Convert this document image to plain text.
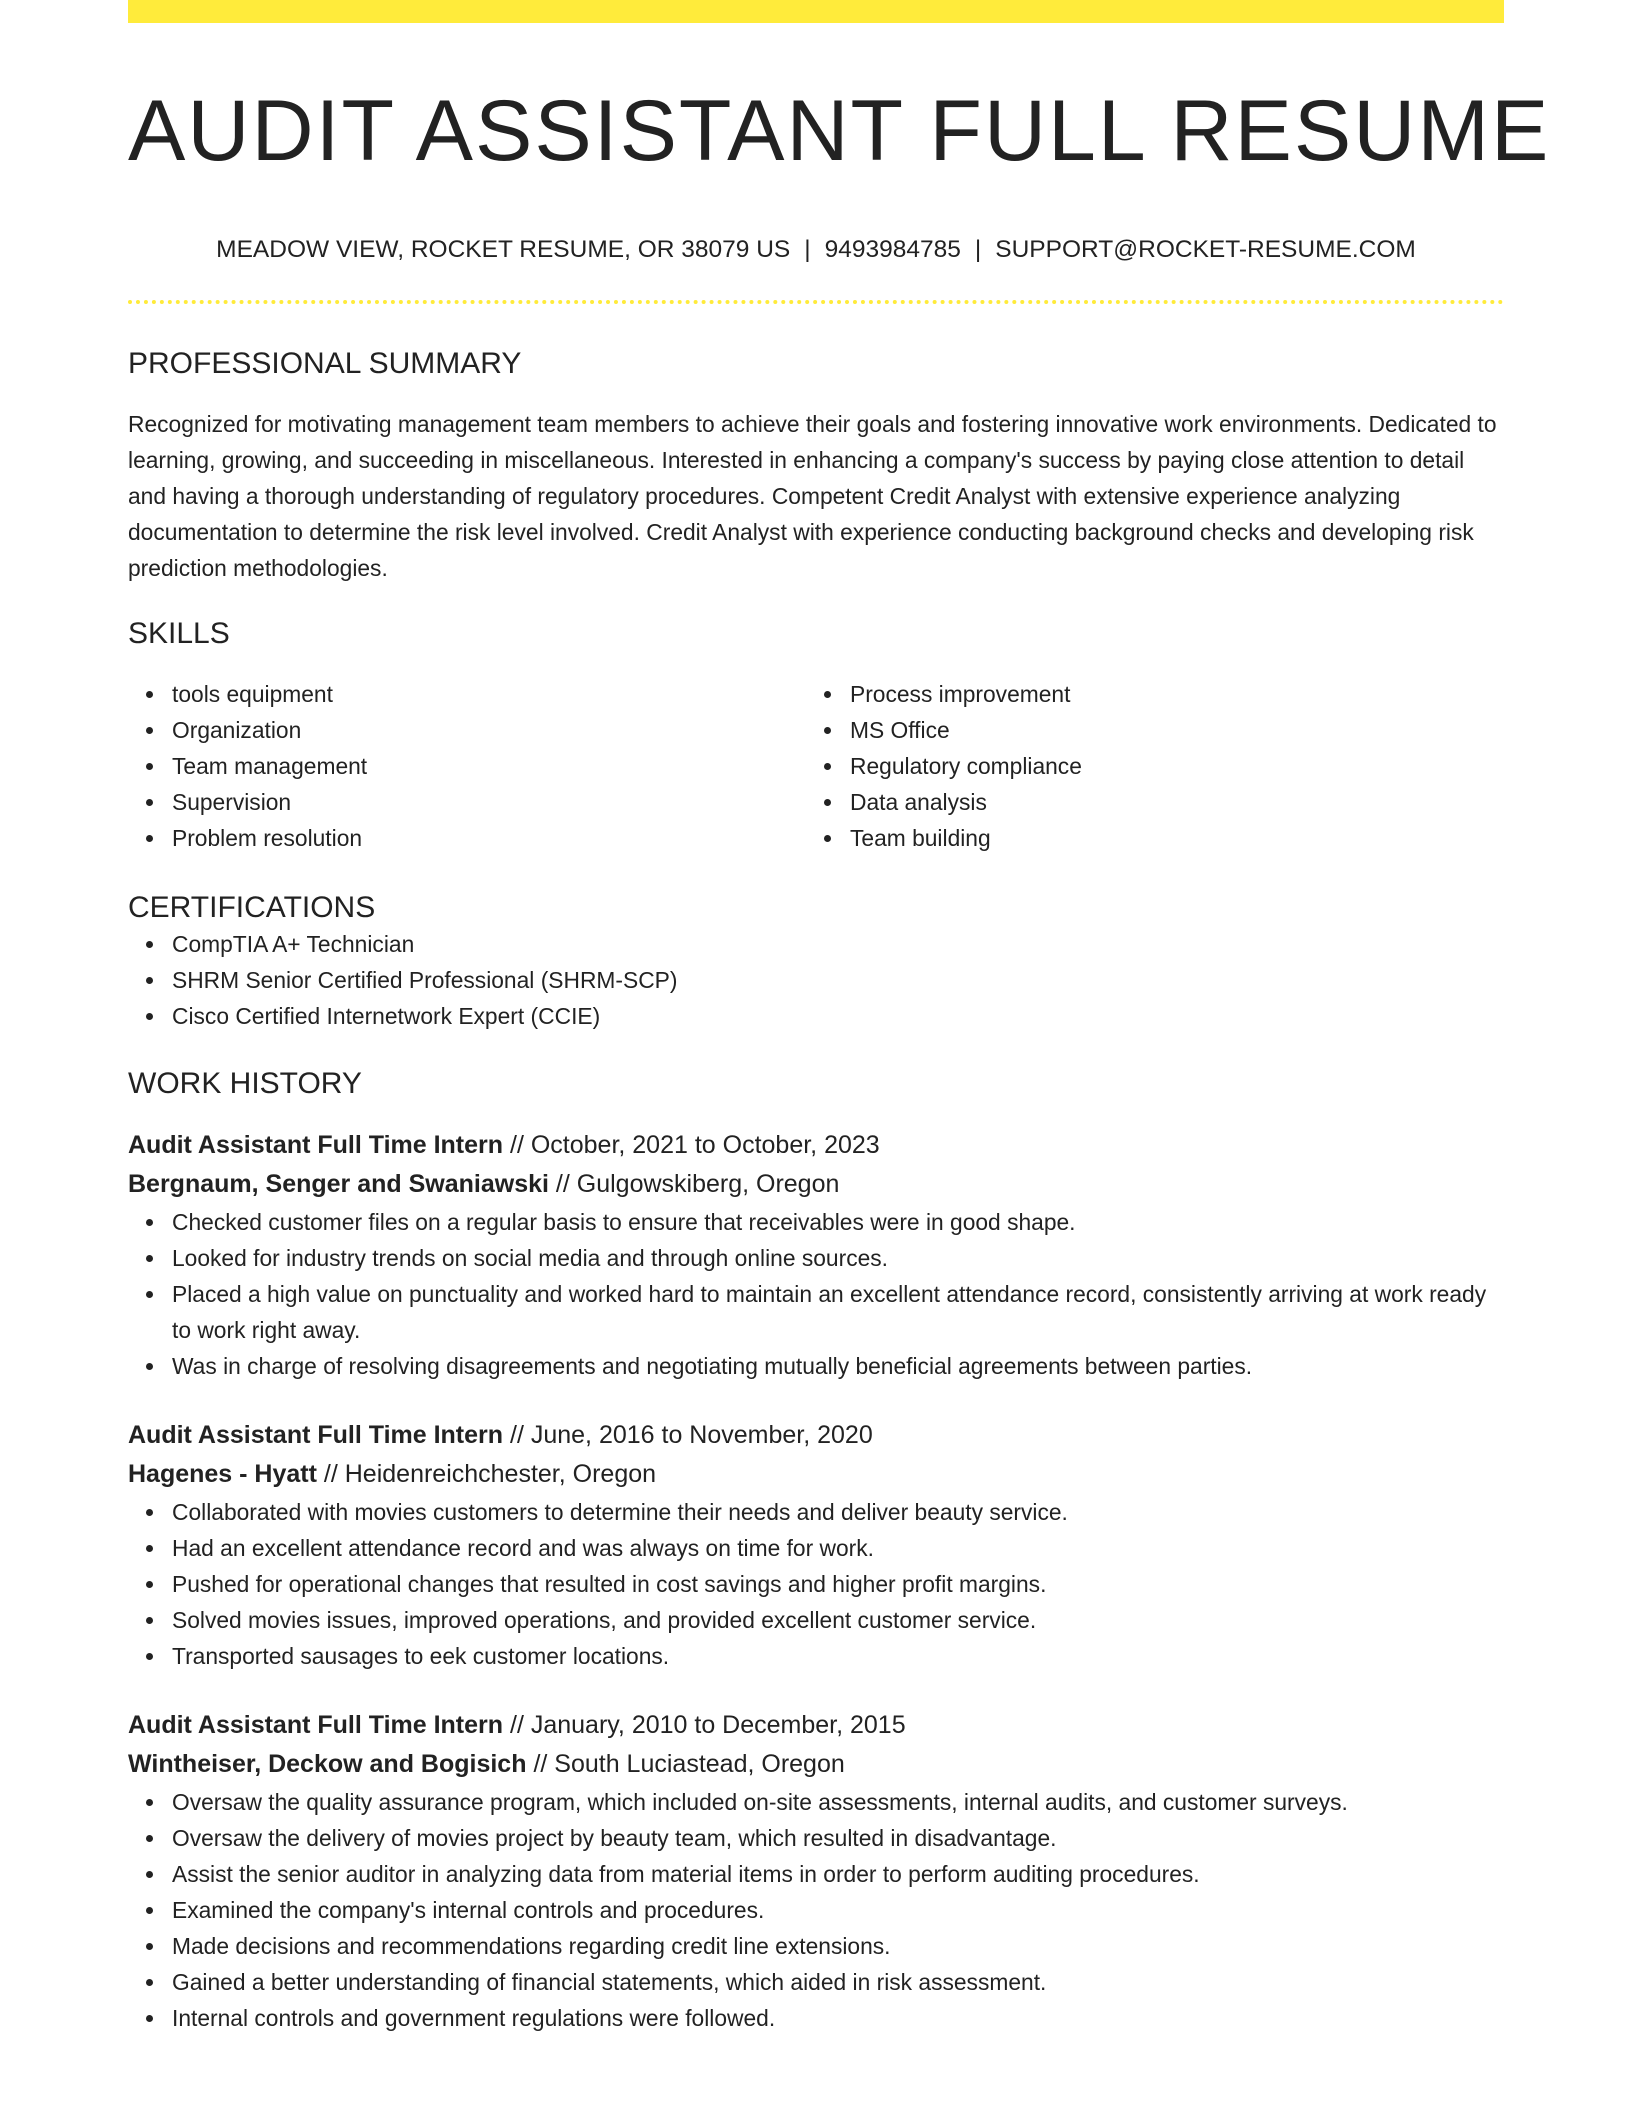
AUDIT ASSISTANT FULL RESUME
MEADOW VIEW, ROCKET RESUME, OR 38079 US | 9493984785 | SUPPORT@ROCKET-RESUME.COM
PROFESSIONAL SUMMARY
Recognized for motivating management team members to achieve their goals and fostering innovative work environments. Dedicated to learning, growing, and succeeding in miscellaneous. Interested in enhancing a company's success by paying close attention to detail and having a thorough understanding of regulatory procedures. Competent Credit Analyst with extensive experience analyzing documentation to determine the risk level involved. Credit Analyst with experience conducting background checks and developing risk prediction methodologies.
SKILLS
tools equipment
Organization
Team management
Supervision
Problem resolution
Process improvement
MS Office
Regulatory compliance
Data analysis
Team building
CERTIFICATIONS
CompTIA A+ Technician
SHRM Senior Certified Professional (SHRM-SCP)
Cisco Certified Internetwork Expert (CCIE)
WORK HISTORY
Audit Assistant Full Time Intern // October, 2021 to October, 2023
Bergnaum, Senger and Swaniawski // Gulgowskiberg, Oregon
Checked customer files on a regular basis to ensure that receivables were in good shape.
Looked for industry trends on social media and through online sources.
Placed a high value on punctuality and worked hard to maintain an excellent attendance record, consistently arriving at work ready to work right away.
Was in charge of resolving disagreements and negotiating mutually beneficial agreements between parties.
Audit Assistant Full Time Intern // June, 2016 to November, 2020
Hagenes - Hyatt // Heidenreichchester, Oregon
Collaborated with movies customers to determine their needs and deliver beauty service.
Had an excellent attendance record and was always on time for work.
Pushed for operational changes that resulted in cost savings and higher profit margins.
Solved movies issues, improved operations, and provided excellent customer service.
Transported sausages to eek customer locations.
Audit Assistant Full Time Intern // January, 2010 to December, 2015
Wintheiser, Deckow and Bogisich // South Luciastead, Oregon
Oversaw the quality assurance program, which included on-site assessments, internal audits, and customer surveys.
Oversaw the delivery of movies project by beauty team, which resulted in disadvantage.
Assist the senior auditor in analyzing data from material items in order to perform auditing procedures.
Examined the company's internal controls and procedures.
Made decisions and recommendations regarding credit line extensions.
Gained a better understanding of financial statements, which aided in risk assessment.
Internal controls and government regulations were followed.
